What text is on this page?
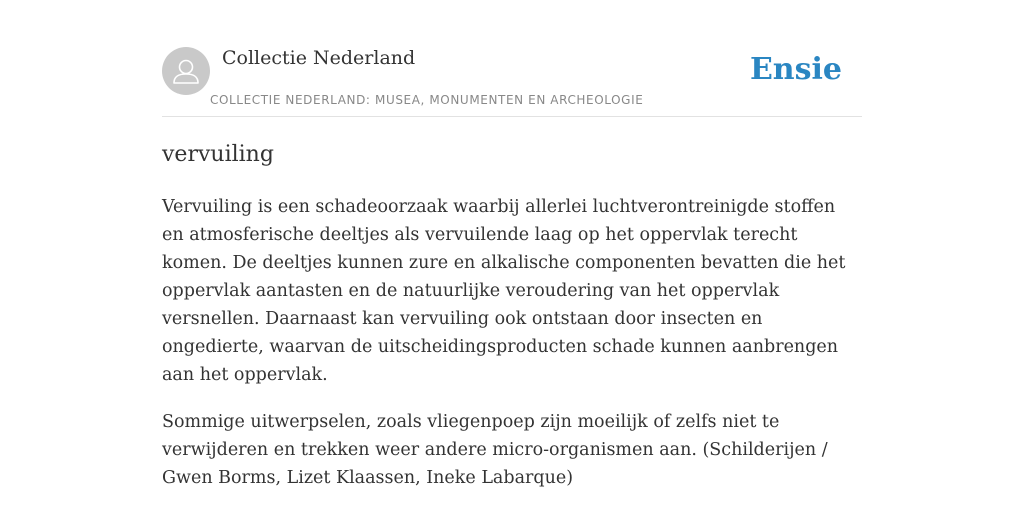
Collectie Nederland
COLLECTIE NEDERLAND: MUSEA, MONUMENTEN EN ARCHEOLOGIE
Ensie
vervuiling

Vervuiling is een schadeoorzaak waarbij allerlei luchtverontreinigde stoffen en atmosferische deeltjes als vervuilende laag op het oppervlak terecht komen. De deeltjes kunnen zure en alkalische componenten bevatten die het oppervlak aantasten en de natuurlijke veroudering van het oppervlak versnellen. Daarnaast kan vervuiling ook ontstaan door insecten en ongedierte, waarvan de uitscheidingsproducten schade kunnen aanbrengen aan het oppervlak.

Sommige uitwerpselen, zoals vliegenpoep zijn moeilijk of zelfs niet te verwijderen en trekken weer andere micro-organismen aan. (Schilderijen / Gwen Borms, Lizet Klaassen, Ineke Labarque)
